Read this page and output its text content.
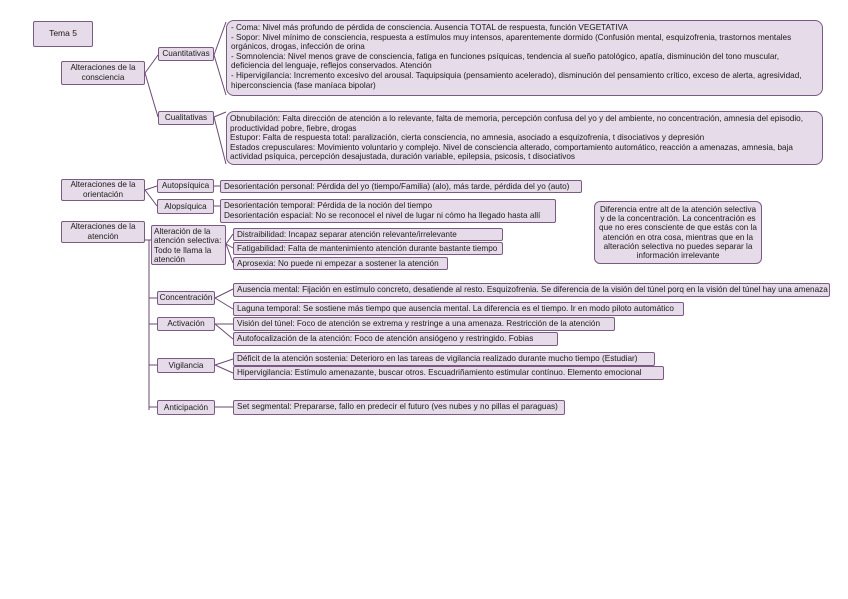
Tema 5
Alteraciones de la consciencia
Cuantitativas
- Coma: Nivel más profundo de pérdida de consciencia. Ausencia TOTAL de respuesta, función VEGETATIVA
- Sopor: Nivel mínimo de consciencia, respuesta a estímulos muy intensos, aparentemente dormido (Confusión mental, esquizofrenia, trastornos mentales orgánicos, drogas, infección de orina
- Somnolencia: Nivel menos grave de consciencia, fatiga en funciones psíquicas, tendencia al sueño patológico, apatía, disminución del tono muscular, deficiencia del lenguaje, reflejos conservados. Atención
- Hipervigilancia: Incremento excesivo del arousal. Taquipsiquia (pensamiento acelerado), disminución del pensamiento crítico, exceso de alerta, agresividad, hiperconsciencia (fase maníaca bipolar)
Cualitativas	Obnubilación: Falta dirección de atención a lo relevante, falta de memoria, percepción confusa del yo y del ambiente, no concentración, amnesia del episodio, productividad pobre, fiebre, drogas
Estupor: Falta de respuesta total: paralización, cierta consciencia, no amnesia, asociado a esquizofrenia, t disociativos y depresión
Estados crepusculares: Movimiento voluntario y complejo. Nivel de consciencia alterado, comportamiento automático, reacción a amenazas, amnesia, baja actividad psíquica, percepción desajustada, duración variable, epilepsia, psicosis, t disociativos
Alteraciones de la orientación
Autopsíquica	Desorientación personal: Pérdida del yo (tiempo/Familia) (alo), más tarde, pérdida del yo (auto)
Alopsíquica	Desorientación temporal: Pérdida de la noción del tiempo
Desorientación espacial: No se reconocel el nivel de lugar ni cómo ha llegado hasta allí
Alteraciones de la atención
Alteración de la atención selectiva: Todo te llama la atención
Distraibilidad: Incapaz separar atención relevante/irrelevante
Fatigabilidad: Falta de mantenimiento atención durante bastante tiempo
Aprosexia: No puede ni empezar a sostener la atención
Diferencia entre alt de la atención selectiva y de la concentración. La concentración es que no eres consciente de que estás con la atención en otra cosa, mientras que en la alteración selectiva no puedes separar la información irrelevante
Concentración
Ausencia mental: Fijación en estímulo concreto, desatiende al resto. Esquizofrenia. Se diferencia de la visión del túnel porq en la visión del túnel hay una amenaza
Laguna temporal: Se sostiene más tiempo que ausencia mental. La diferencia es el tiempo. Ir en modo piloto automático
Activación	Visión del túnel: Foco de atención se extrema y restringe a una amenaza. Restricción de la atención
Autofocalización de la atención: Foco de atención ansiógeno y restringido. Fobias
Vigilancia
Déficit de la atención sostenia: Deterioro en las tareas de vigilancia realizado durante mucho tiempo (Estudiar)
Hipervigilancia: Estímulo amenazante, buscar otros. Escuadriñamiento estimular contínuo. Elemento emocional
Anticipación	Set segmental: Prepararse, fallo en predecir el futuro (ves nubes y no pillas el paraguas)
